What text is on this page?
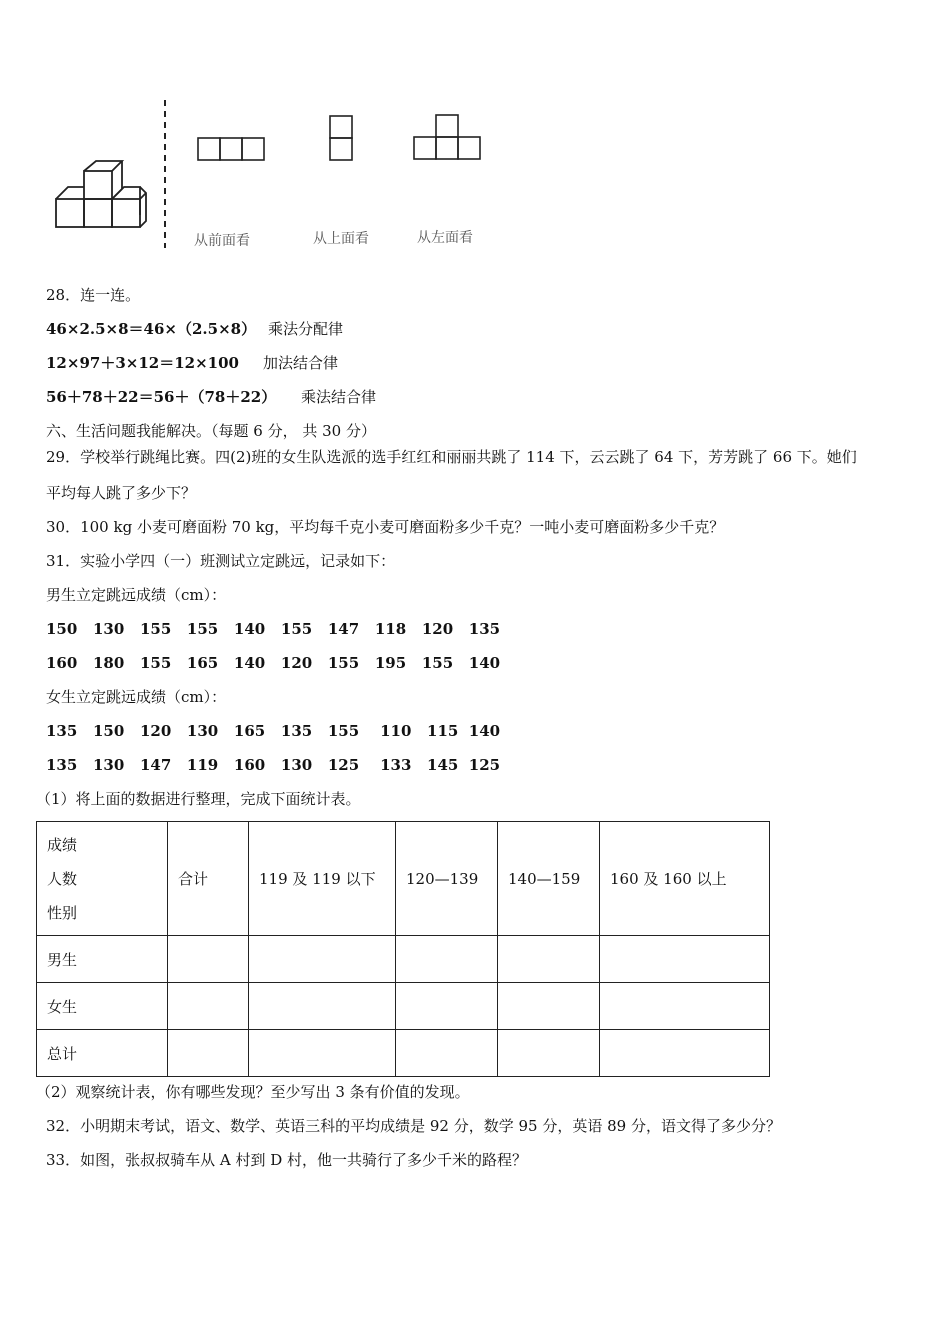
从前面看	从上面看	从左面看
28．连一连。
46×2.5×8＝46×（2.5×8） 乘法分配律
12×97＋3×12＝12×100 加法结合律
56＋78＋22＝56＋（78＋22） 乘法结合律
六、生活问题我能解决。（每题 6 分， 共 30 分）
29．学校举行跳绳比赛。四(2)班的女生队选派的选手红红和丽丽共跳了 114 下，云云跳了 64 下，芳芳跳了 66 下。她们
平均每人跳了多少下？
30．100 kg 小麦可磨面粉 70 kg，平均每千克小麦可磨面粉多少千克？一吨小麦可磨面粉多少千克？
31．实验小学四（一）班测试立定跳远，记录如下：
男生立定跳远成绩（cm）：
150   130   155   155   140   155   147   118   120   135
160   180   155   165   140   120   155   195   155   140
女生立定跳远成绩（cm）：
135   150   120   130   165   135   155    110   115  140
135   130   147   119   160   130   125    133   145  125
（1）将上面的数据进行整理，完成下面统计表。
成绩
人数
性别	合计	119 及 119 以下	120—139	140—159	160 及 160 以上
男生					
女生					
总计					
（2）观察统计表，你有哪些发现？至少写出 3 条有价值的发现。
32．小明期末考试，语文、数学、英语三科的平均成绩是 92 分，数学 95 分，英语 89 分，语文得了多少分？
33．如图，张叔叔骑车从 A 村到 D 村，他一共骑行了多少千米的路程？
